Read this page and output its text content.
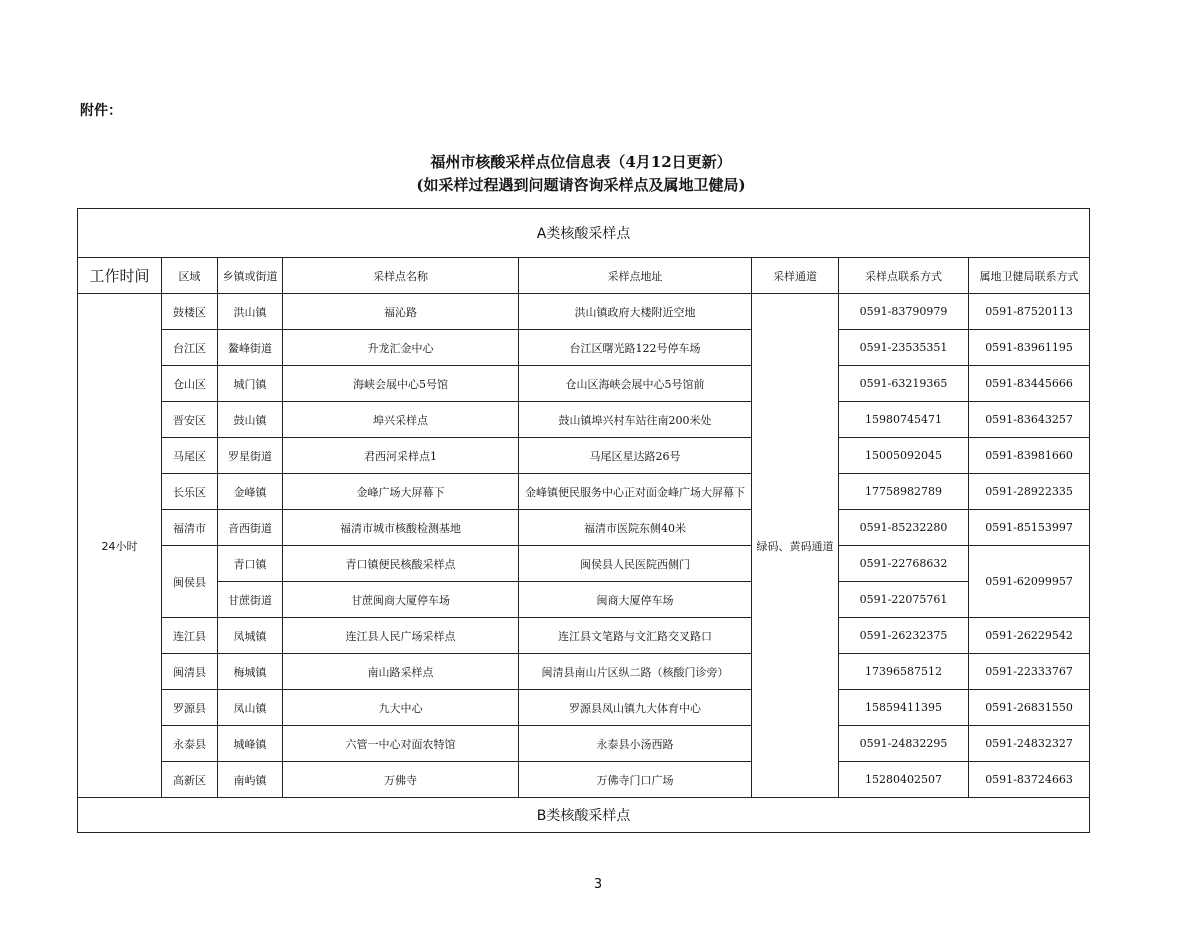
附件：
福州市核酸采样点位信息表（4月12日更新）
(如采样过程遇到问题请咨询采样点及属地卫健局)
A类核酸采样点							
工作时间	区域	乡镇或街道	采样点名称	采样点地址	采样通道	采样点联系方式	属地卫健局联系方式
24小时	鼓楼区	洪山镇	福沁路	洪山镇政府大楼附近空地	绿码、黄码通道	0591-83790979	0591-87520113
	台江区	鳌峰街道	升龙汇金中心	台江区曙光路122号停车场		0591-23535351	0591-83961195
	仓山区	城门镇	海峡会展中心5号馆	仓山区海峡会展中心5号馆前		0591-63219365	0591-83445666
	晋安区	鼓山镇	埠兴采样点	鼓山镇埠兴村车站往南200米处		15980745471	0591-83643257
	马尾区	罗星街道	君西河采样点1	马尾区星达路26号		15005092045	0591-83981660
	长乐区	金峰镇	金峰广场大屏幕下	金峰镇便民服务中心正对面金峰广场大屏幕下		17758982789	0591-28922335
	福清市	音西街道	福清市城市核酸检测基地	福清市医院东侧40米		0591-85232280	0591-85153997
	闽侯县	青口镇	青口镇便民核酸采样点	闽侯县人民医院西侧门		0591-22768632	0591-62099957
		甘蔗街道	甘蔗闽商大厦停车场	闽商大厦停车场		0591-22075761	
	连江县	凤城镇	连江县人民广场采样点	连江县文笔路与文汇路交叉路口		0591-26232375	0591-26229542
	闽清县	梅城镇	南山路采样点	闽清县南山片区纵二路（核酸门诊旁）		17396587512	0591-22333767
	罗源县	凤山镇	九大中心	罗源县凤山镇九大体育中心		15859411395	0591-26831550
	永泰县	城峰镇	六管一中心对面农特馆	永泰县小汤西路		0591-24832295	0591-24832327
	高新区	南屿镇	万佛寺	万佛寺门口广场		15280402507	0591-83724663
B类核酸采样点							
3
